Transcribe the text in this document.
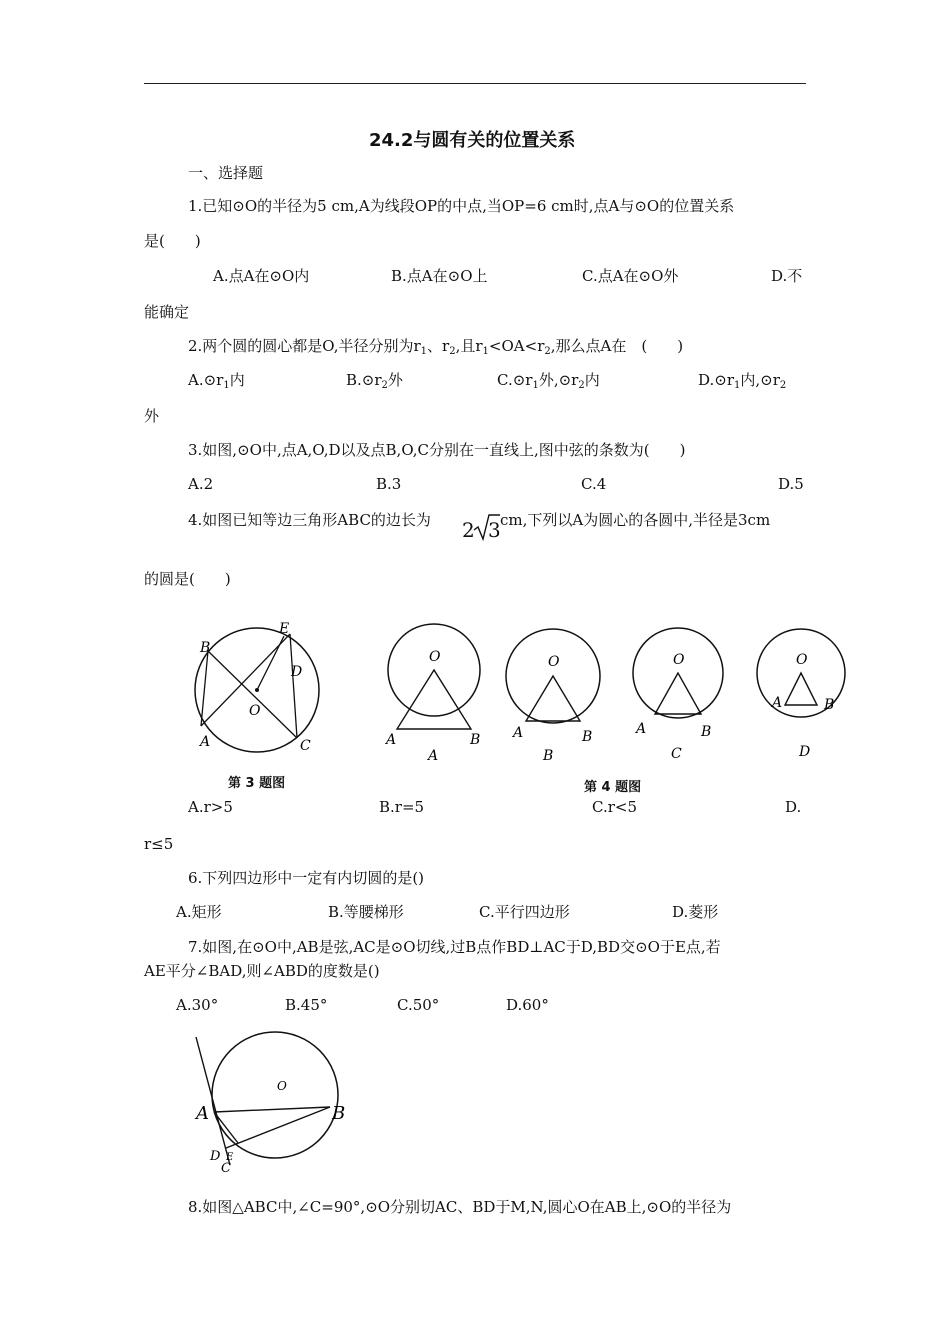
24.2与圆有关的位置关系
一、选择题
1.已知⊙O的半径为5 cm,A为线段OP的中点,当OP=6 cm时,点A与⊙O的位置关系
是(　　)
A.点A在⊙O内	B.点A在⊙O上	C.点A在⊙O外	D.不
能确定
2.两个圆的圆心都是O,半径分别为$r_1$、$r_2$,且$r_1<OA<r_2$,那么点A在　(　　)
$A.⊙r_1$内	$B.⊙r_2$外	$C.⊙r_1$外$,⊙r_2$内	$D.⊙r_1$内$,⊙r_2$
外
3.如图,⊙O中,点A,O,D以及点B,O,C分别在一直线上,图中弦的条数为(　　)
A.2	B.3	C.4	D.5
4.如图已知等边三角形ABC的边长为 2 3 cm,下列以A为圆心的各圆中,半径是3cm
的圆是(　　)
B
E
D
O
A	C
第 3 题图
O
A	B
O
A	B
O
A	B
O
A	B
A	B	C	D
第 4 题图
A.r>5	B.r=5	C.r<5	D.
r≤5
6.下列四边形中一定有内切圆的是()
A.矩形	B.等腰梯形	C.平行四边形	D.菱形
7.如图,在⊙O中,AB是弦,AC是⊙O切线,过B点作BD⊥AC于D,BD交⊙O于E点,若
AE平分∠BAD,则∠ABD的度数是()
A.30°	B.45°	C.50°	D.60°
O
A	B
D E
C
8.如图△ABC中,∠C=90°,⊙O分别切AC、BD于M,N,圆心O在AB上,⊙O的半径为
